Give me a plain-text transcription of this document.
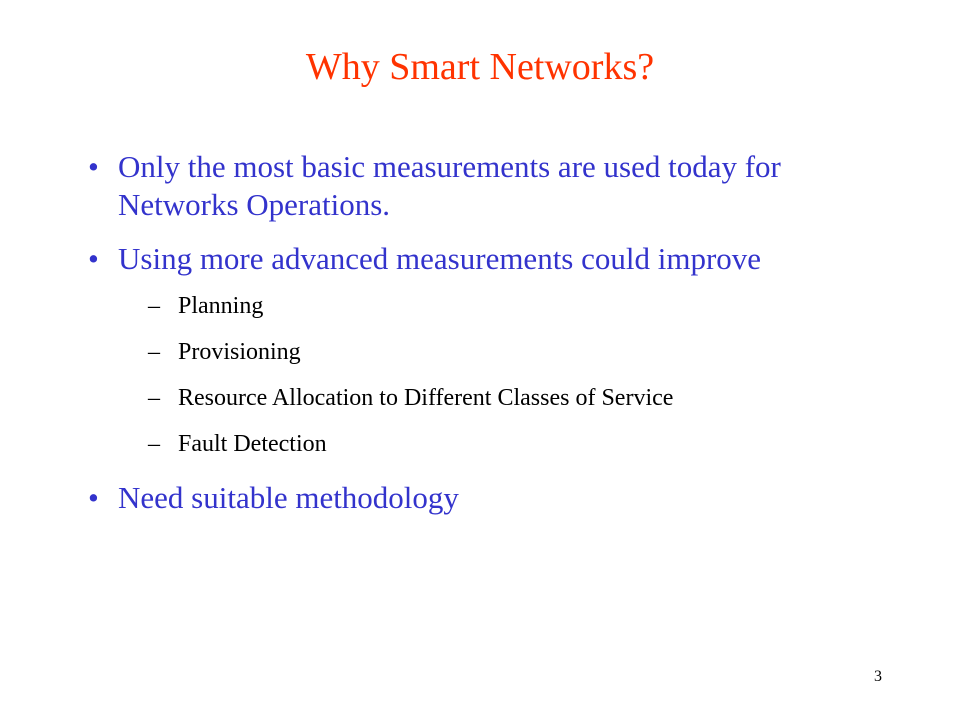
Why Smart Networks?
• Only the most basic measurements are used today for Networks Operations.
• Using more advanced measurements could improve
– Planning
– Provisioning
– Resource Allocation to Different Classes of Service
– Fault Detection
• Need suitable methodology
3
